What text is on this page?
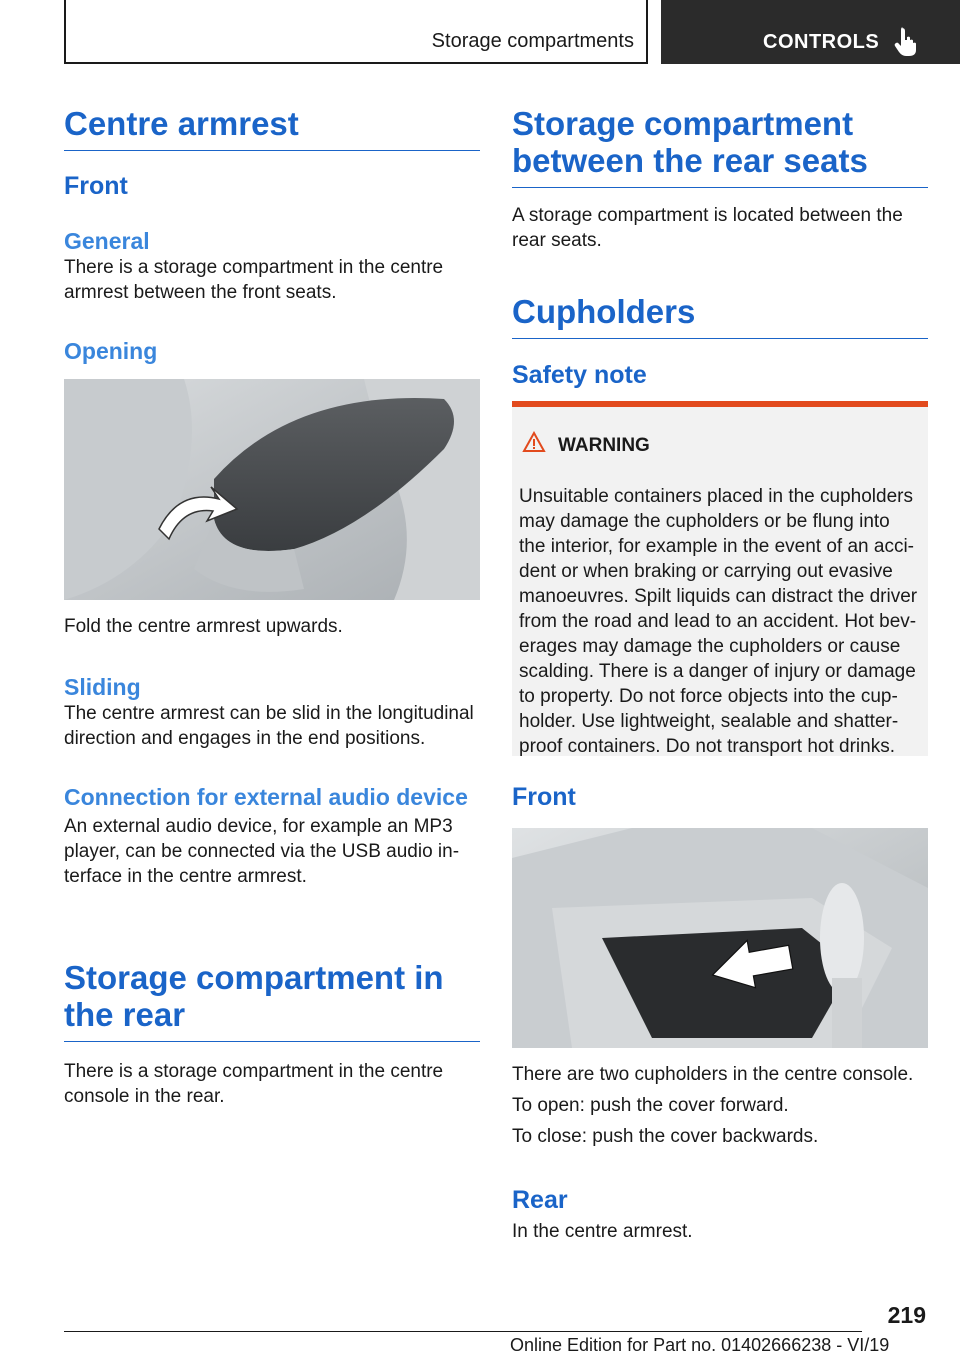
Storage compartments	CONTROLS
Centre armrest
Front
General

There is a storage compartment in the centre armrest between the front seats.

Opening

Fold the centre armrest upwards.

Sliding

The centre armrest can be slid in the longitudinal direction and engages in the end positions.

Connection for external audio device

An external audio device, for example an MP3 player, can be connected via the USB audio in-terface in the centre armrest.

Storage compartment in the rear

There is a storage compartment in the centre console in the rear.

Storage compartment between the rear seats

A storage compartment is located between the rear seats.

Cupholders
Safety note
WARNING

Unsuitable containers placed in the cupholders may damage the cupholders or be flung into the interior, for example in the event of an acci-dent or when braking or carrying out evasive manoeuvres. Spilt liquids can distract the driver from the road and lead to an accident. Hot bev-erages may damage the cupholders or cause scalding. There is a danger of injury or damage to property. Do not force objects into the cup-holder. Use lightweight, sealable and shatter-proof containers. Do not transport hot drinks.

Front

There are two cupholders in the centre console.

To open: push the cover forward.

To close: push the cover backwards.

Rear

In the centre armrest.

219
Online Edition for Part no. 01402666238 - VI/19
